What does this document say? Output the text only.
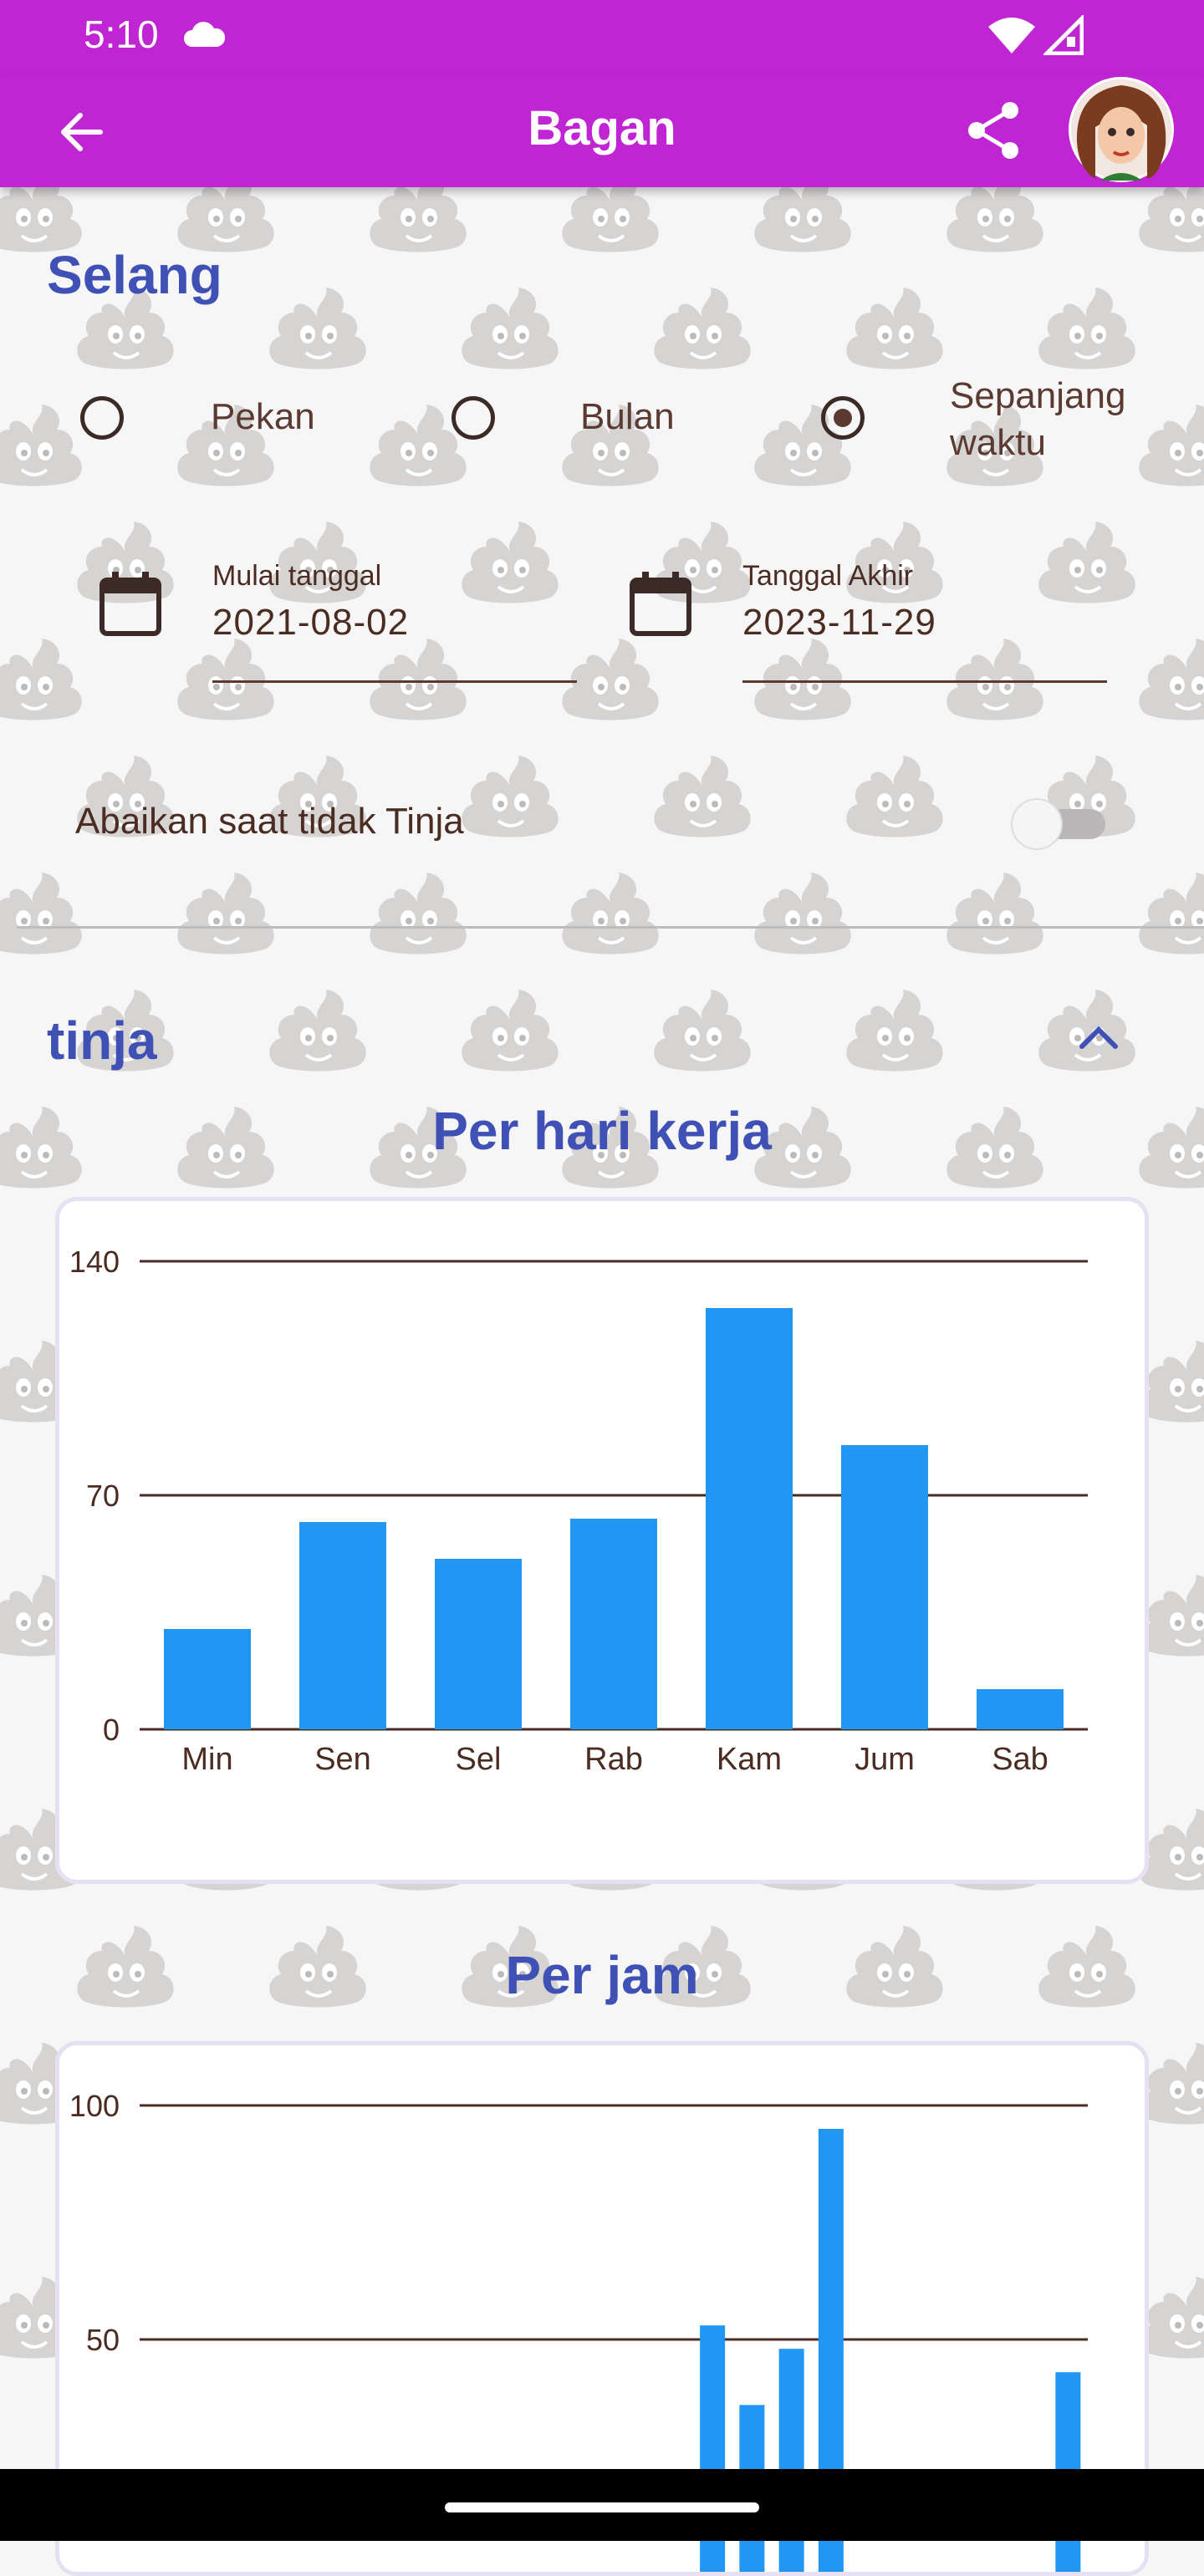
5:10
Bagan
Selang
Pekan	Bulan
Sepanjang
waktu
Mulai tanggal
2021-08-02
Tanggal Akhir
2023-11-29
Abaikan saat tidak Tinja
tinja
Per hari kerja
0
70
140
Min	Sen	Sel	Rab Kam Jum Sab
Per jam
50
100
